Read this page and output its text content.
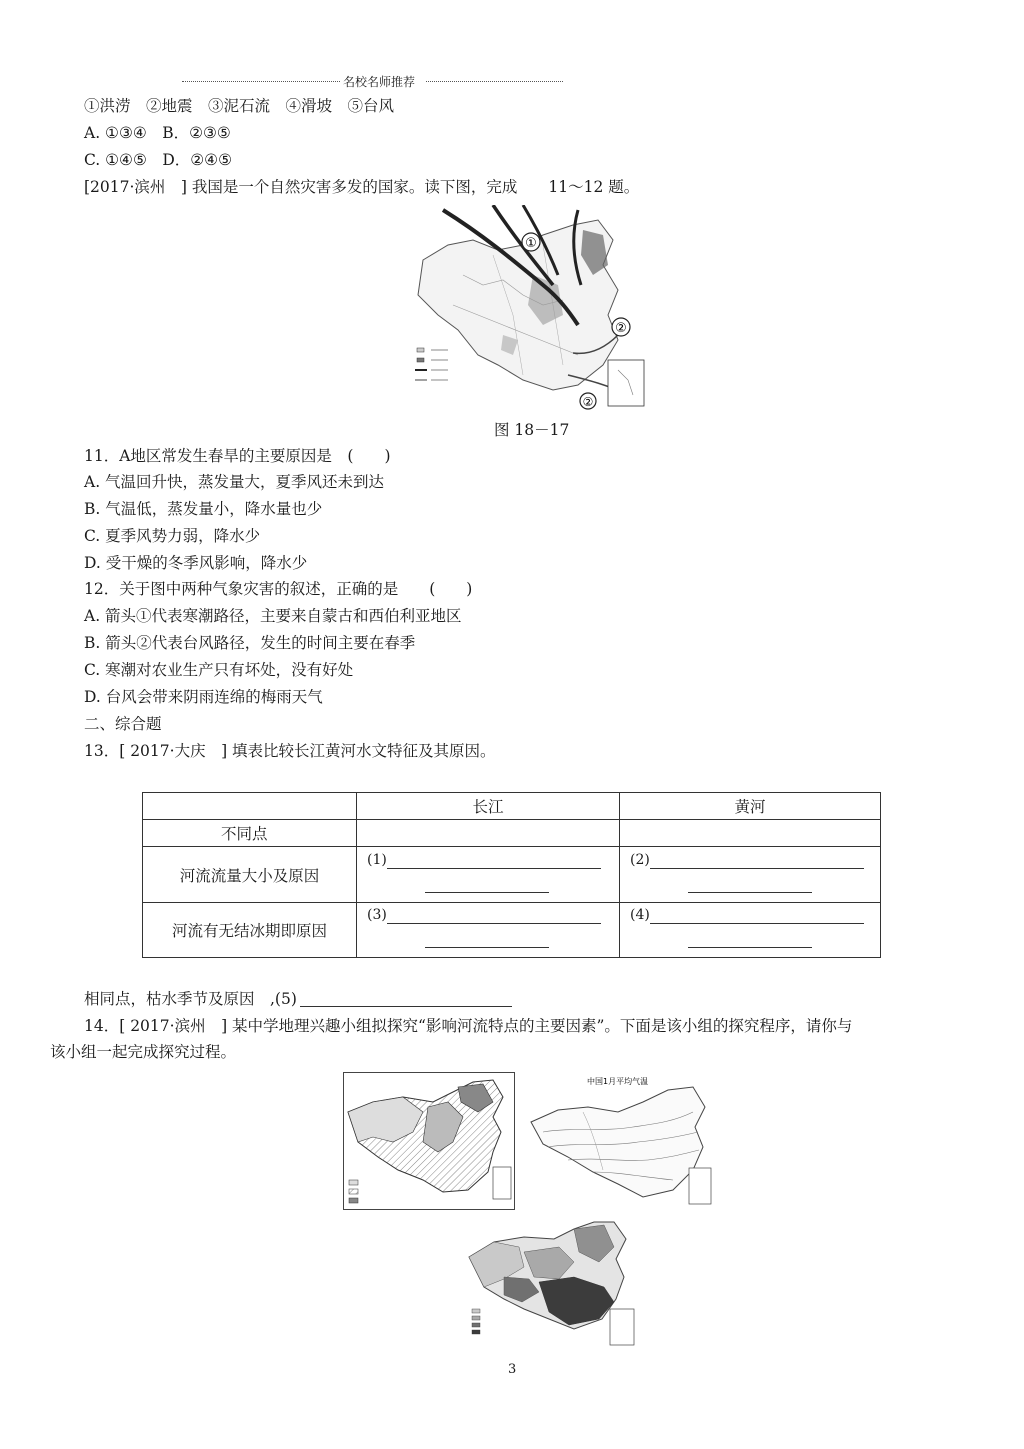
名校名师推荐
①洪涝　②地震　③泥石流　④滑坡　⑤台风
A. ①③④　B．②③⑤
C. ①④⑤　D．②④⑤
[2017·滨州　] 我国是一个自然灾害多发的国家。读下图，完成　　11～12 题。
①
②
②
图 18－17
11．A地区常发生春旱的主要原因是　(　　)
A. 气温回升快，蒸发量大，夏季风还未到达
B. 气温低，蒸发量小，降水量也少
C. 夏季风势力弱，降水少
D. 受干燥的冬季风影响，降水少
12．关于图中两种气象灾害的叙述，正确的是　　(　　)
A. 箭头①代表寒潮路径，主要来自蒙古和西伯利亚地区
B. 箭头②代表台风路径，发生的时间主要在春季
C. 寒潮对农业生产只有坏处，没有好处
D. 台风会带来阴雨连绵的梅雨天气
二、综合题
13．[ 2017·大庆　] 填表比较长江黄河水文特征及其原因。
	长江	黄河
不同点		
河流流量大小及原因	(1)	(2)

河流有无结冰期即原因	(3)	(4)
相同点，枯水季节及原因　,(5)
14．[ 2017·滨州　] 某中学地理兴趣小组拟探究“影响河流特点的主要因素”。下面是该小组的探究程序，请你与
该小组一起完成探究过程。
中国1月平均气温
3
